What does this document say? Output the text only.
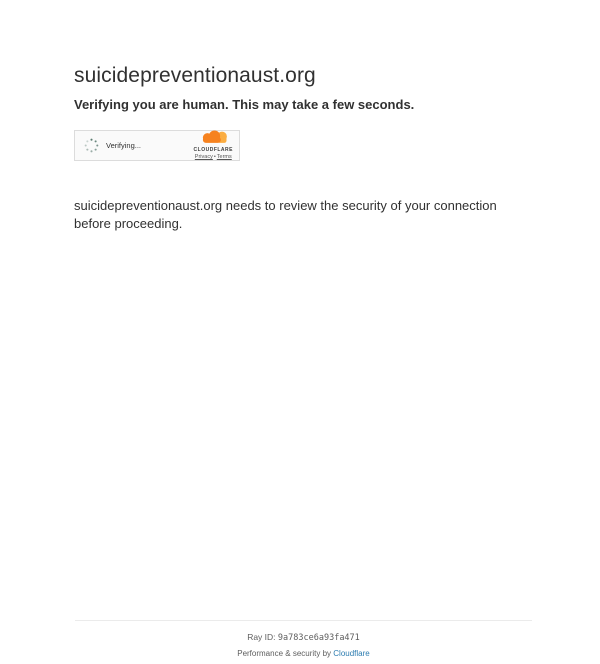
suicidepreventionaust.org
Verifying you are human. This may take a few seconds.
Verifying...
CLOUDFLARE
Privacy•Terms

suicidepreventionaust.org needs to review the security of your connection
before proceeding.

Ray ID: 9a783ce6a93fa471
Performance & security by Cloudflare
